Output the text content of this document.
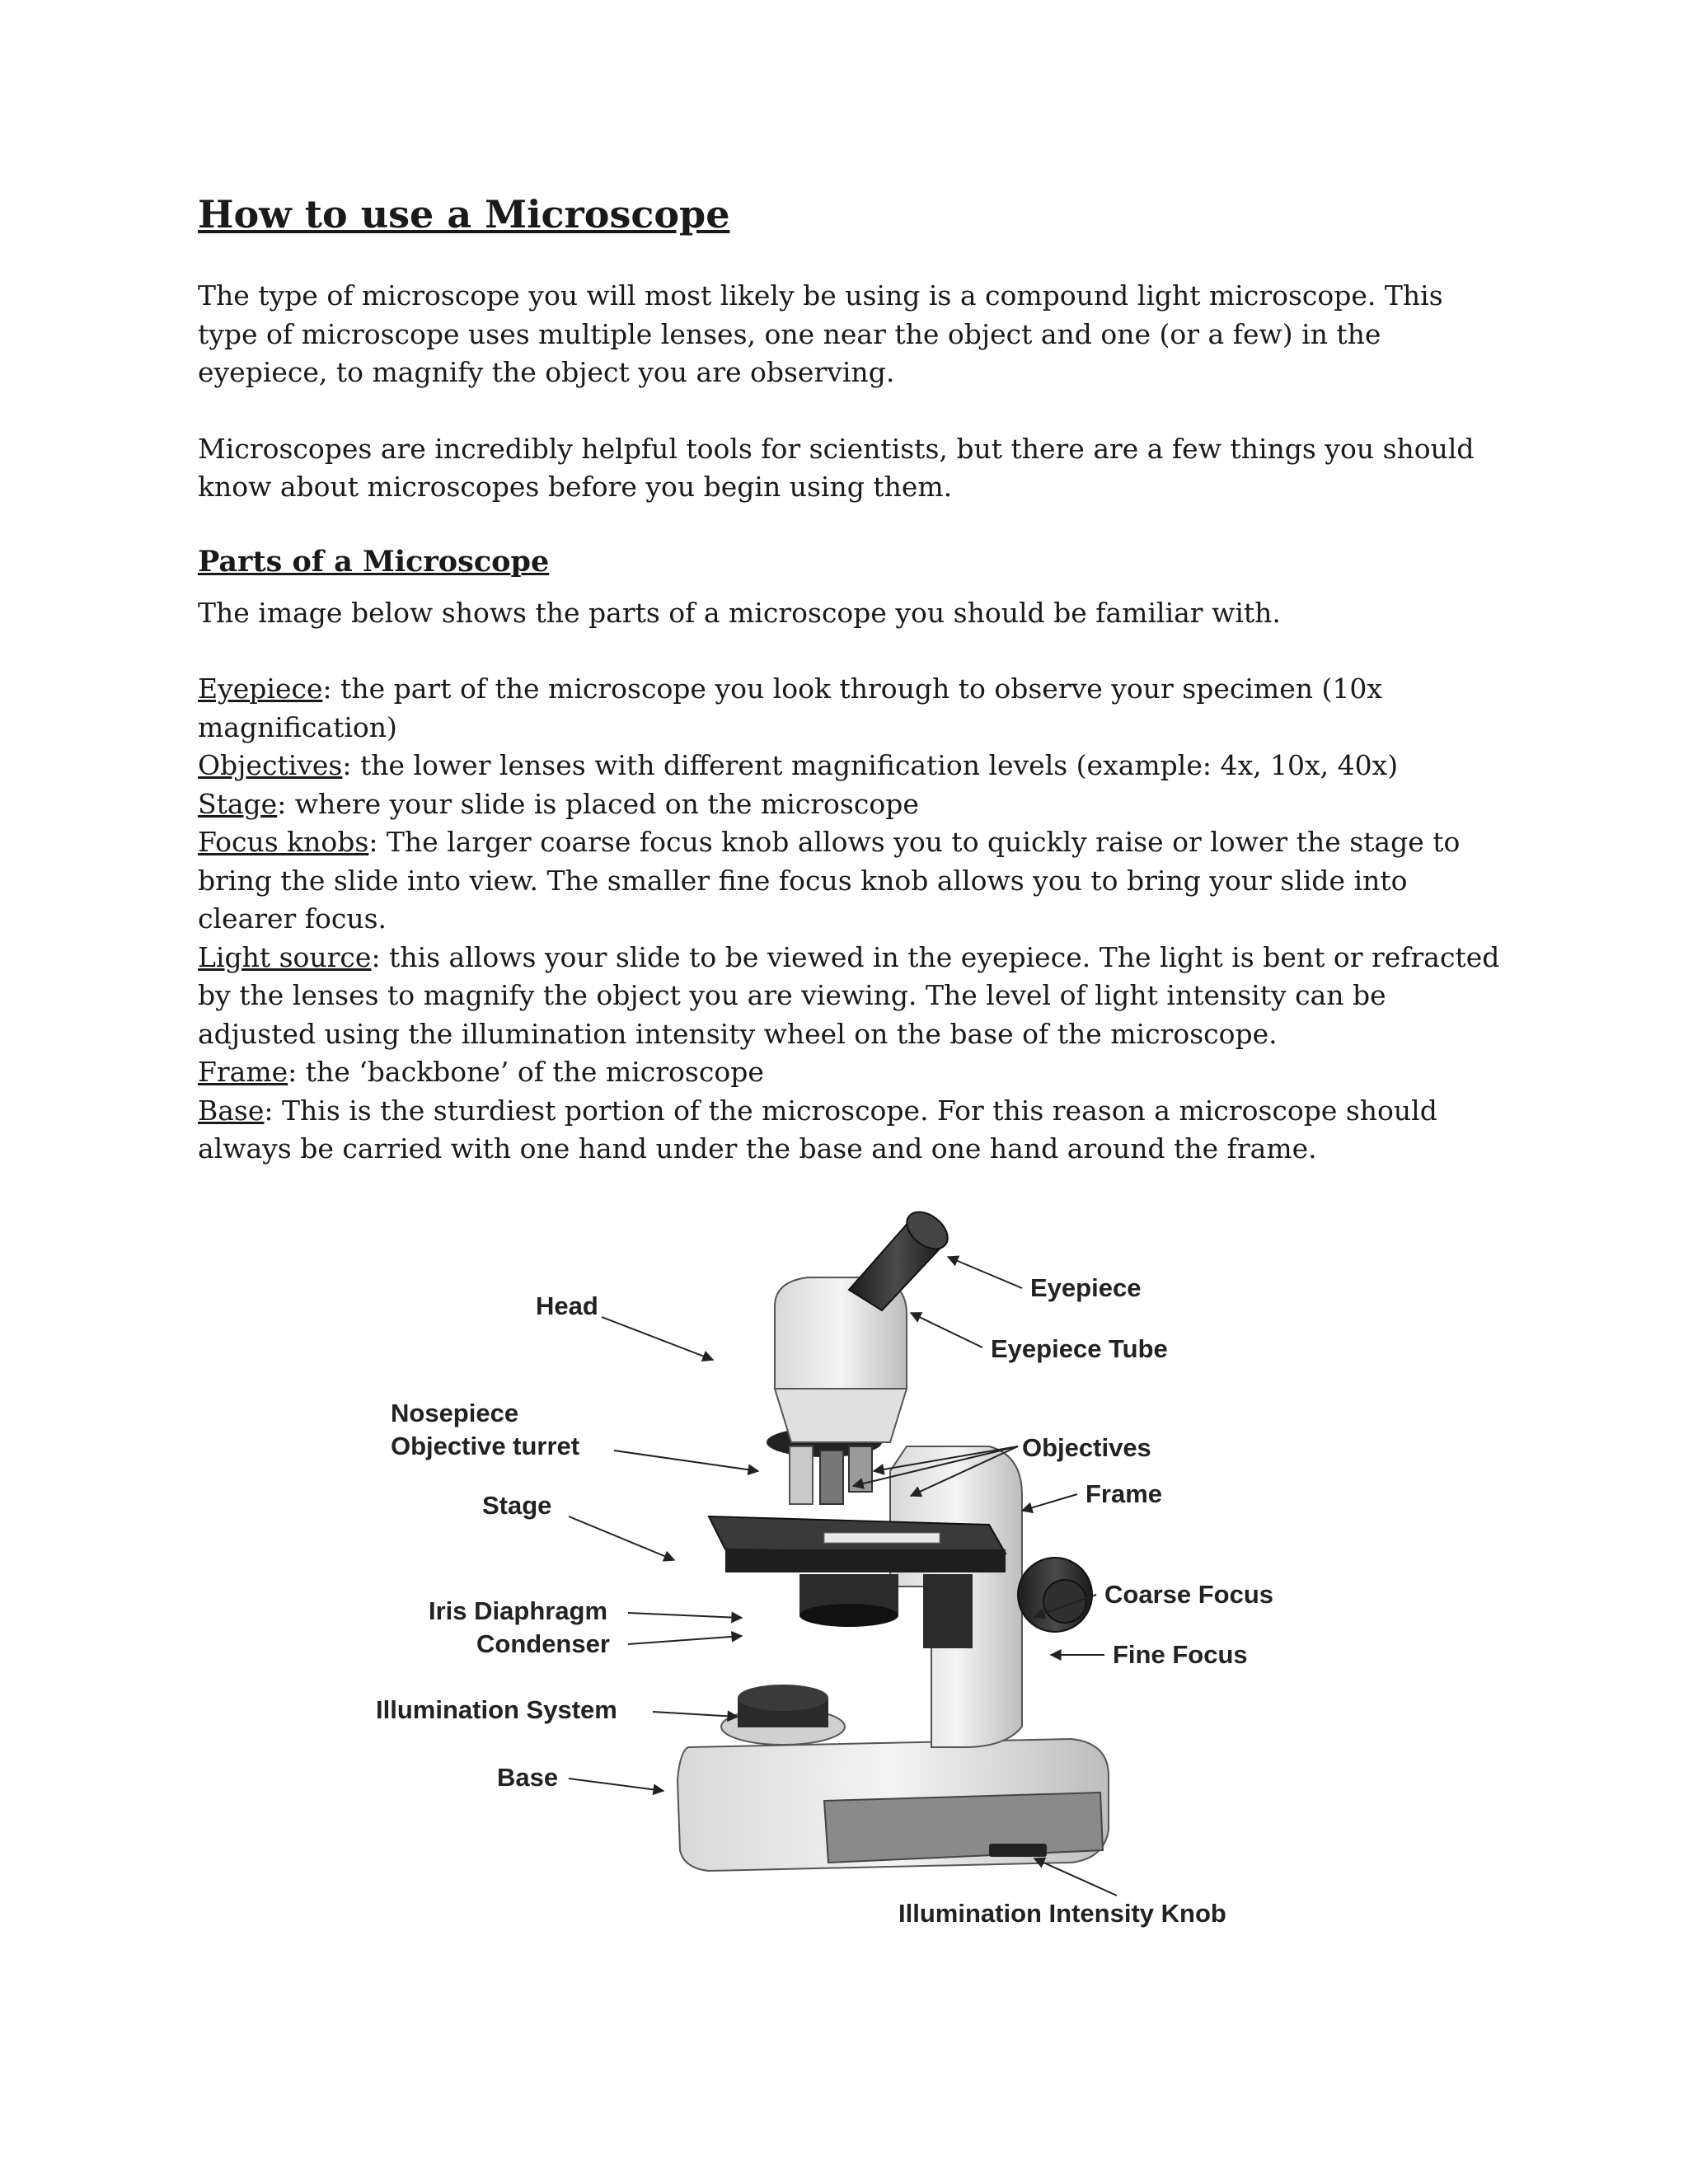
How to use a Microscope

The type of microscope you will most likely be using is a compound light microscope. This type of microscope uses multiple lenses, one near the object and one (or a few) in the eyepiece, to magnify the object you are observing.

Microscopes are incredibly helpful tools for scientists, but there are a few things you should know about microscopes before you begin using them.

Parts of a Microscope

The image below shows the parts of a microscope you should be familiar with.

Eyepiece: the part of the microscope you look through to observe your specimen (10x magnification)

Objectives: the lower lenses with different magnification levels (example: 4x, 10x, 40x)

Stage: where your slide is placed on the microscope

Focus knobs: The larger coarse focus knob allows you to quickly raise or lower the stage to bring the slide into view. The smaller fine focus knob allows you to bring your slide into clearer focus.

Light source: this allows your slide to be viewed in the eyepiece. The light is bent or refracted by the lenses to magnify the object you are viewing. The level of light intensity can be adjusted using the illumination intensity wheel on the base of the microscope.

Frame: the ‘backbone’ of the microscope

Base: This is the sturdiest portion of the microscope. For this reason a microscope should always be carried with one hand under the base and one hand around the frame.

Head
Eyepiece
Eyepiece Tube
Nosepiece
Objective turret	Objectives
Frame
Stage
Coarse Focus
Iris Diaphragm
Condenser	Fine Focus
Illumination System
Base
Illumination Intensity Knob
